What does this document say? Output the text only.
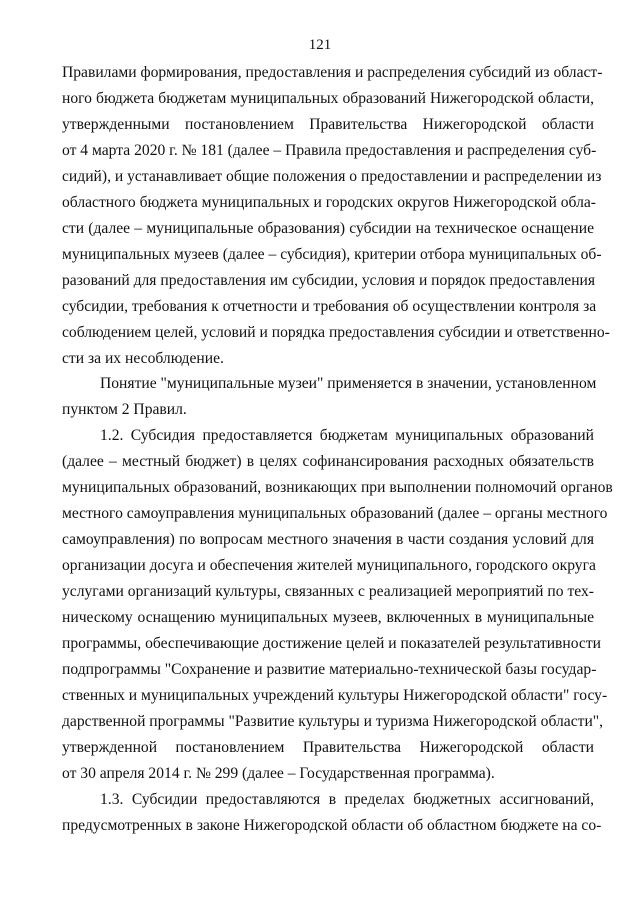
121
Правилами формирования, предоставления и распределения субсидий из област-
ного бюджета бюджетам муниципальных образований Нижегородской области,
утвержденными постановлением Правительства Нижегородской области
от 4 марта 2020 г. № 181 (далее – Правила предоставления и распределения суб-
сидий), и устанавливает общие положения о предоставлении и распределении из
областного бюджета муниципальных и городских округов Нижегородской обла-
сти (далее – муниципальные образования) субсидии на техническое оснащение
муниципальных музеев (далее – субсидия), критерии отбора муниципальных об-
разований для предоставления им субсидии, условия и порядок предоставления
субсидии, требования к отчетности и требования об осуществлении контроля за
соблюдением целей, условий и порядка предоставления субсидии и ответственно-
сти за их несоблюдение.
Понятие "муниципальные музеи" применяется в значении, установленном
пунктом 2 Правил.
1.2. Субсидия предоставляется бюджетам муниципальных образований
(далее – местный бюджет) в целях софинансирования расходных обязательств
муниципальных образований, возникающих при выполнении полномочий органов
местного самоуправления муниципальных образований (далее – органы местного
самоуправления) по вопросам местного значения в части создания условий для
организации досуга и обеспечения жителей муниципального, городского округа
услугами организаций культуры, связанных с реализацией мероприятий по тех-
ническому оснащению муниципальных музеев, включенных в муниципальные
программы, обеспечивающие достижение целей и показателей результативности
подпрограммы "Сохранение и развитие материально-технической базы государ-
ственных и муниципальных учреждений культуры Нижегородской области" госу-
дарственной программы "Развитие культуры и туризма Нижегородской области",
утвержденной постановлением Правительства Нижегородской области
от 30 апреля 2014 г. № 299 (далее – Государственная программа).
1.3. Субсидии предоставляются в пределах бюджетных ассигнований,
предусмотренных в законе Нижегородской области об областном бюджете на со-
